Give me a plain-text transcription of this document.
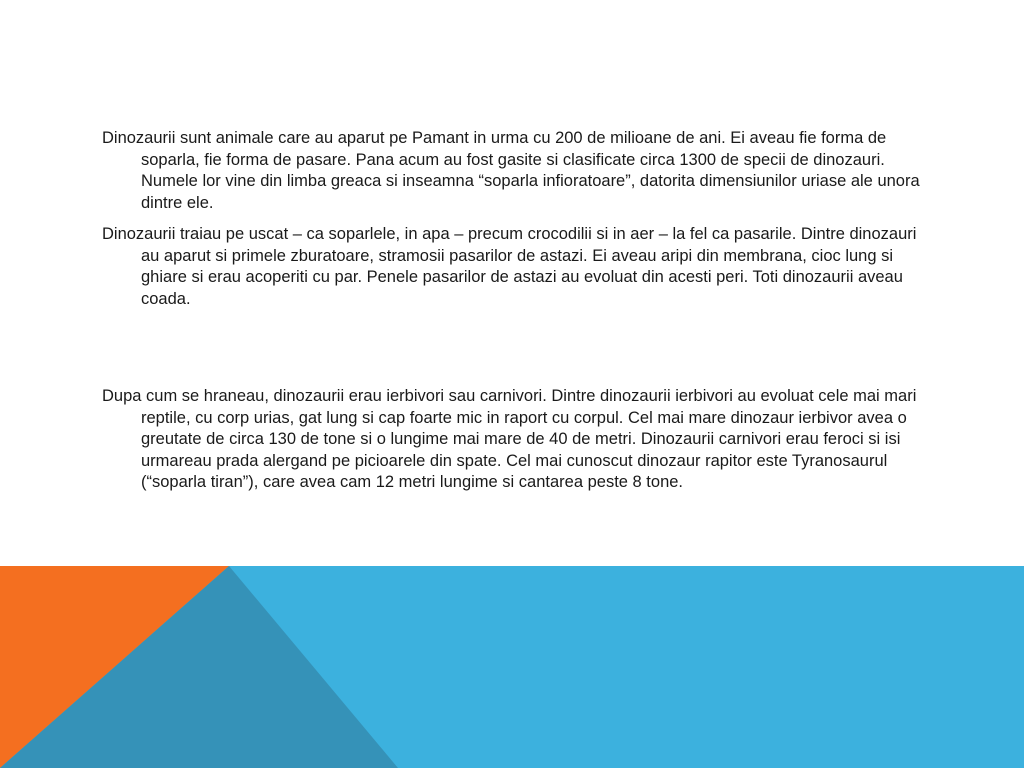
Dinozaurii sunt animale care au aparut pe Pamant in urma cu 200 de milioane de ani. Ei aveau fie forma de soparla, fie forma de pasare. Pana acum au fost gasite si clasificate circa 1300 de specii de dinozauri. Numele lor vine din limba greaca si inseamna “soparla infioratoare”, datorita dimensiunilor uriase ale unora dintre ele.

Dinozaurii traiau pe uscat – ca soparlele, in apa – precum crocodilii si in aer – la fel ca pasarile. Dintre dinozauri au aparut si primele zburatoare, stramosii pasarilor de astazi. Ei aveau aripi din membrana, cioc lung si ghiare si erau acoperiti cu par. Penele pasarilor de astazi au evoluat din acesti peri. Toti dinozaurii aveau coada.

Dupa cum se hraneau, dinozaurii erau ierbivori sau carnivori. Dintre dinozaurii ierbivori au evoluat cele mai mari reptile, cu corp urias, gat lung si cap foarte mic in raport cu corpul. Cel mai mare dinozaur ierbivor avea o greutate de circa 130 de tone si o lungime mai mare de 40 de metri. Dinozaurii carnivori erau feroci si isi urmareau prada alergand pe picioarele din spate. Cel mai cunoscut dinozaur rapitor este Tyranosaurul (“soparla tiran”), care avea cam 12 metri lungime si cantarea peste 8 tone.
